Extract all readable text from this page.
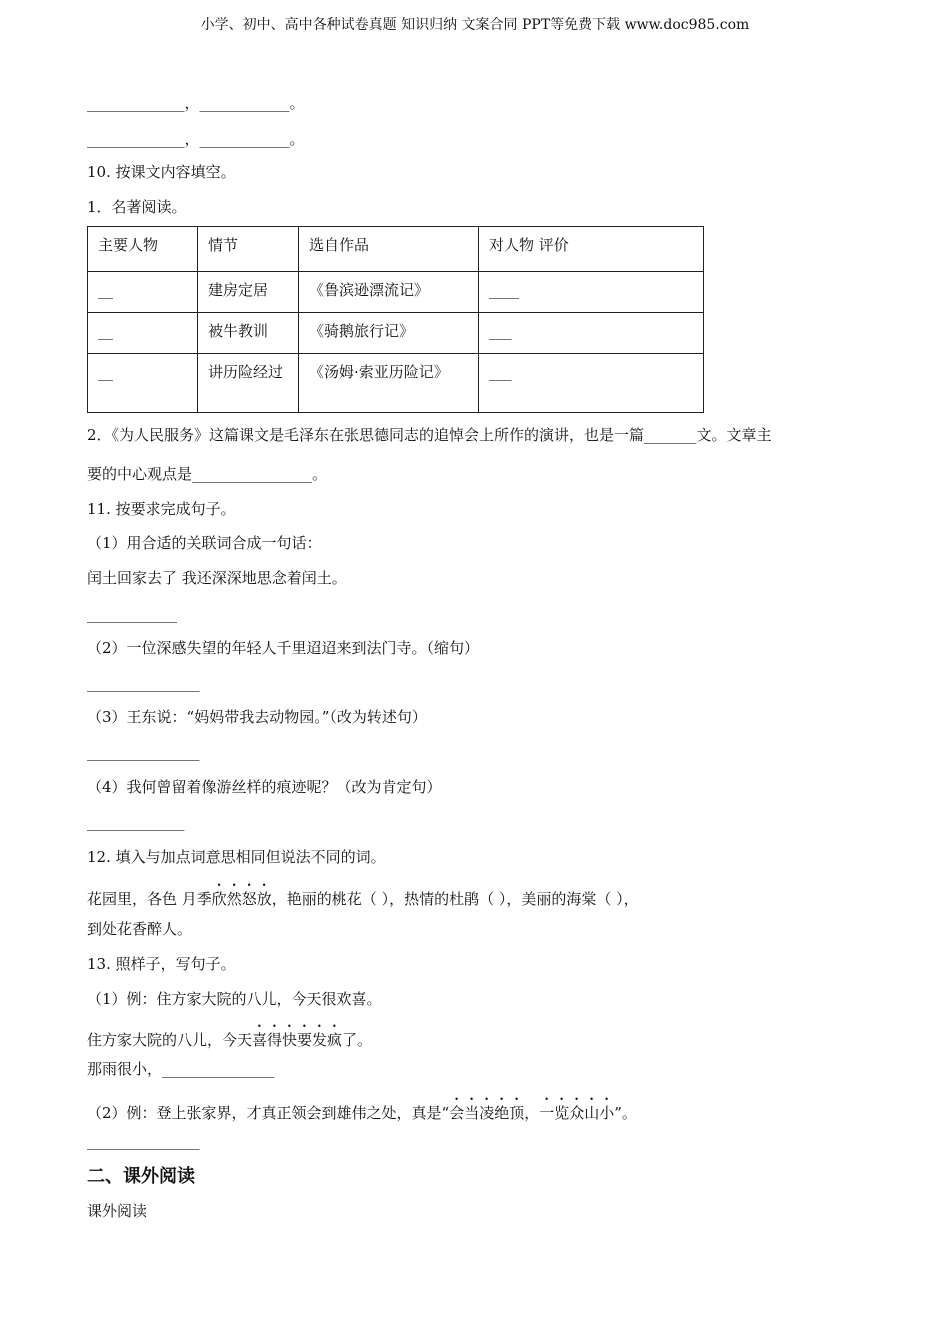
小学、初中、高中各种试卷真题 知识归纳 文案合同 PPT等免费下载 www.doc985.com
_____________，____________。
_____________，____________。
10. 按课文内容填空。
1．名著阅读。
主要人物	情节	选自作品	对人物 评价
__	建房定居	《鲁滨逊漂流记》	____
__	被牛教训	《骑鹅旅行记》	___
__	讲历险经过	《汤姆·索亚历险记》	___
2．《为人民服务》这篇课文是毛泽东在张思德同志的追悼会上所作的演讲，也是一篇_______文。文章主
要的中心观点是________________。
11. 按要求完成句子。
（1）用合适的关联词合成一句话：
闰土回家去了 我还深深地思念着闰土。
____________
（2）一位深感失望的年轻人千里迢迢来到法门寺。（缩句）
_______________
（3）王东说：“妈妈带我去动物园。”（改为转述句）
_______________
（4）我何曾留着像游丝样的痕迹呢？（改为肯定句）
_____________
12. 填入与加点词意思相同但说法不同的词。
花园里，各色 月季欣然怒放，艳丽的桃花（ ），热情的杜鹃（ ），美丽的海棠（ ），
到处花香醉人。
13. 照样子，写句子。
（1）例：住方家大院的八儿，今天很欢喜。
住方家大院的八儿，今天喜得快要发疯了。
那雨很小，_______________
（2）例：登上张家界，才真正领会到雄伟之处，真是“会当凌绝顶，一览众山小”。
_______________
二、课外阅读
课外阅读
